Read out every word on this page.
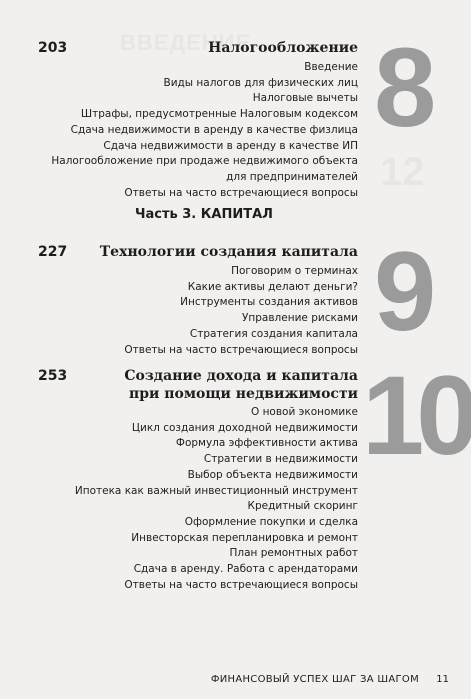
ВВЕДЕНИЕ
12
8
9
10
203	Налогообложение
Введение
Виды налогов для физических лиц
Налоговые вычеты
Штрафы, предусмотренные Налоговым кодексом
Сдача недвижимости в аренду в качестве физлица
Сдача недвижимости в аренду в качестве ИП
Налогообложение при продаже недвижимого объекта
для предпринимателей
Ответы на часто встречающиеся вопросы
Часть 3. КАПИТАЛ
227 Технологии создания капитала
Поговорим о терминах
Какие активы делают деньги?
Инструменты создания активов
Управление рисками
Стратегия создания капитала
Ответы на часто встречающиеся вопросы
253	Создание дохода и капитала
при помощи недвижимости
О новой экономике
Цикл создания доходной недвижимости
Формула эффективности актива
Стратегии в недвижимости
Выбор объекта недвижимости
Ипотека как важный инвестиционный инструмент
Кредитный скоринг
Оформление покупки и сделка
Инвесторская перепланировка и ремонт
План ремонтных работ
Сдача в аренду. Работа с арендаторами
Ответы на часто встречающиеся вопросы
ФИНАНСОВЫЙ УСПЕХ ШАГ ЗА ШАГОМ 11
